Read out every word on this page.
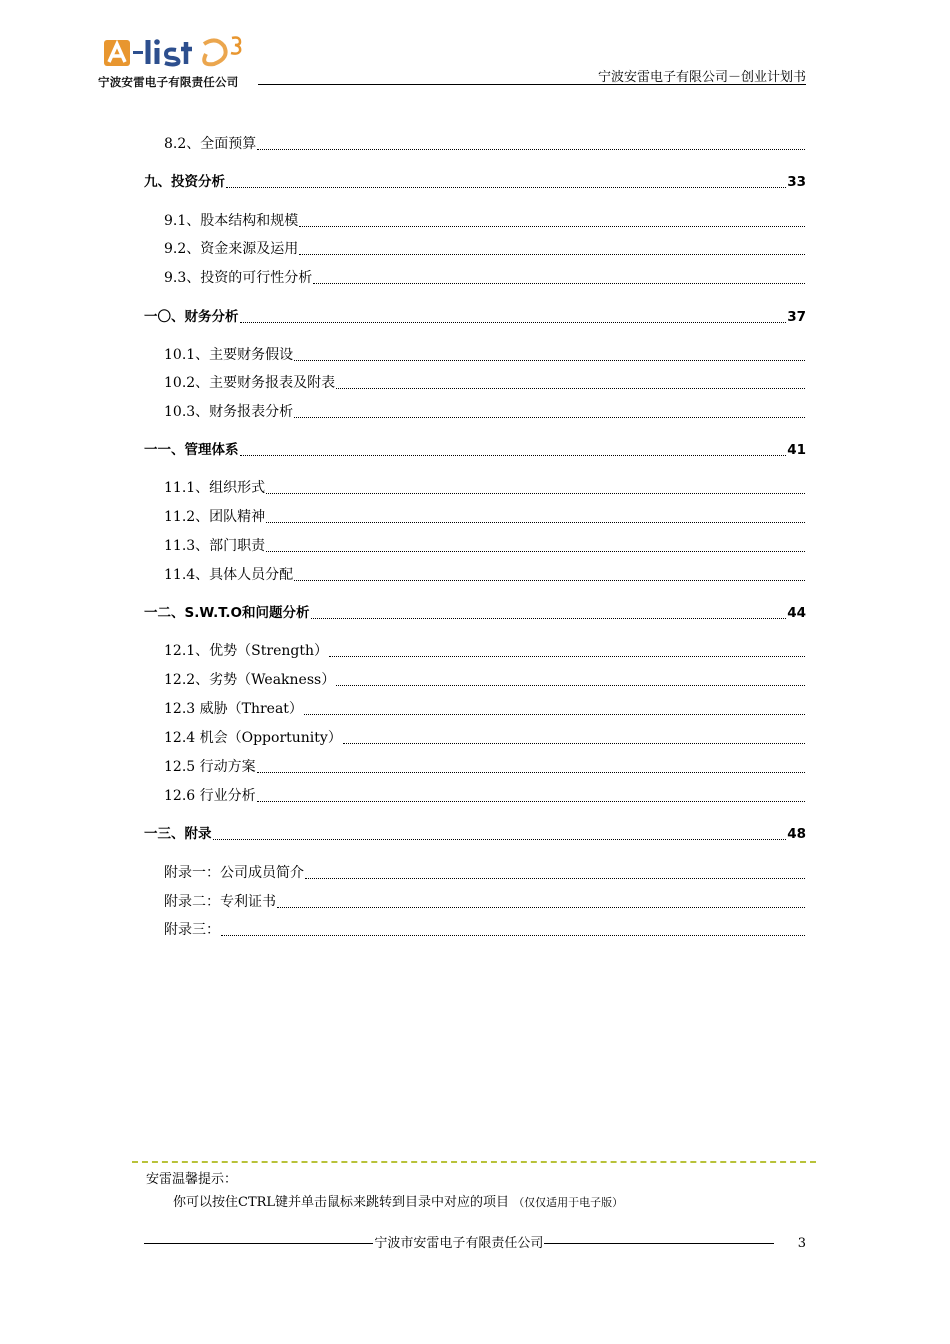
宁波安雷电子有限责任公司	宁波安雷电子有限公司－创业计划书
8.2、全面预算
九、投资分析	33
9.1、股本结构和规模
9.2、资金来源及运用
9.3、投资的可行性分析
一〇、财务分析	37
10.1、主要财务假设
10.2、主要财务报表及附表
10.3、财务报表分析
一一、管理体系	41
11.1、组织形式
11.2、团队精神
11.3、部门职责
11.4、具体人员分配
一二、S.W.T.O和问题分析	44
12.1、优势（Strength）
12.2、劣势（Weakness）
12.3 威胁（Threat）
12.4 机会（Opportunity）
12.5 行动方案
12.6 行业分析
一三、附录	48
附录一：公司成员简介
附录二：专利证书
附录三：
安雷温馨提示：
你可以按住CTRL键并单击鼠标来跳转到目录中对应的项目 （仅仅适用于电子版）
宁波市安雷电子有限责任公司	3
